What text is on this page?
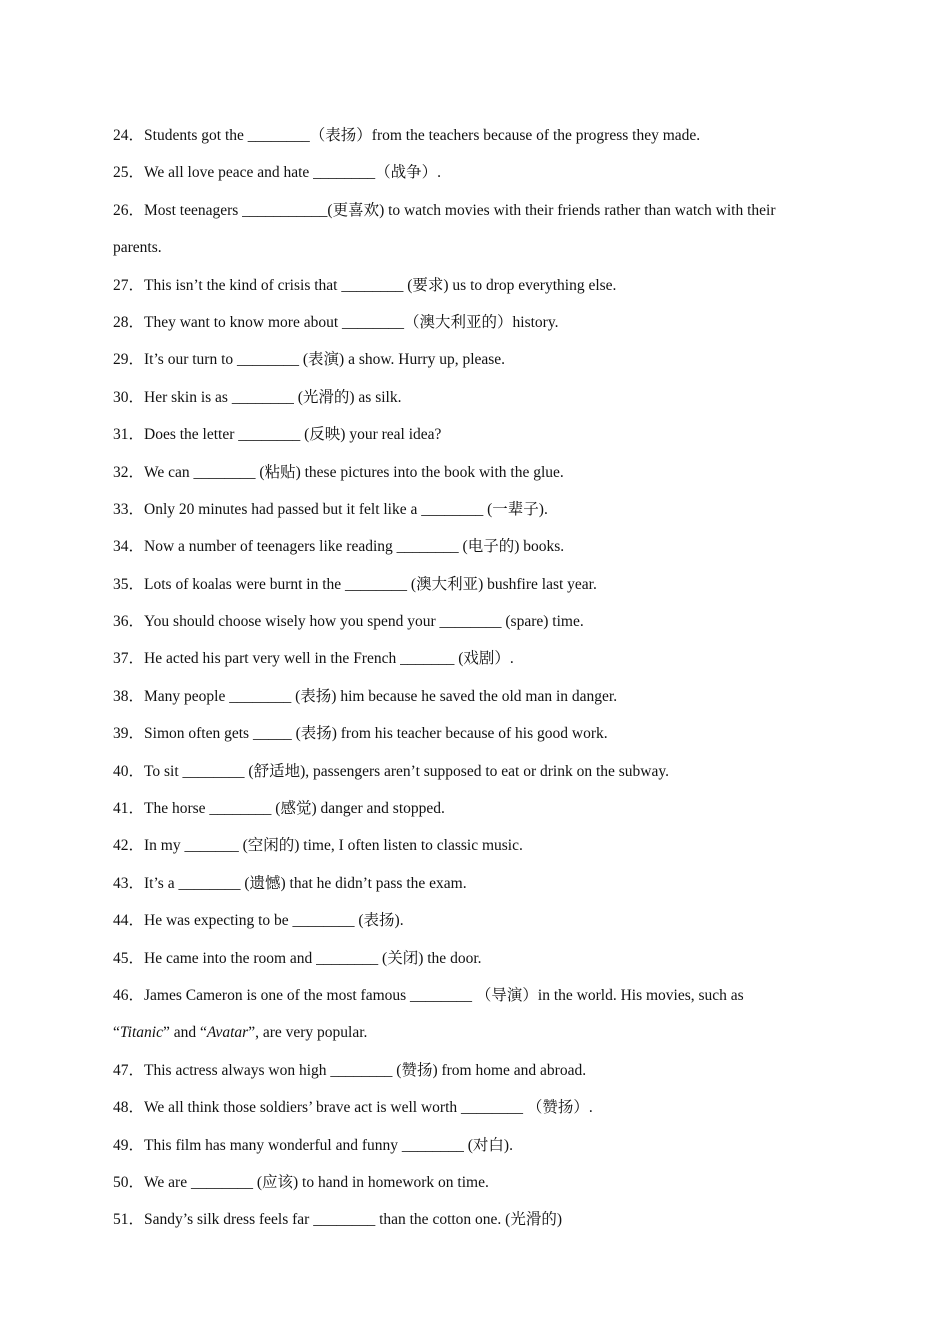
24．Students got the ________（表扬）from the teachers because of the progress they made.
25．We all love peace and hate ________（战争）.
26．Most teenagers ___________(更喜欢) to watch movies with their friends rather than watch with their
parents.
27．This isn’t the kind of crisis that ________ (要求) us to drop everything else.
28．They want to know more about ________（澳大利亚的）history.
29．It’s our turn to ________ (表演) a show. Hurry up, please.
30．Her skin is as ________ (光滑的) as silk.
31．Does the letter ________ (反映) your real idea?
32．We can ________ (粘贴) these pictures into the book with the glue.
33．Only 20 minutes had passed but it felt like a ________ (一辈子).
34．Now a number of teenagers like reading ________ (电子的) books.
35．Lots of koalas were burnt in the ________ (澳大利亚) bushfire last year.
36．You should choose wisely how you spend your ________ (spare) time.
37．He acted his part very well in the French _______ (戏剧）.
38．Many people ________ (表扬) him because he saved the old man in danger.
39．Simon often gets _____ (表扬) from his teacher because of his good work.
40．To sit ________ (舒适地), passengers aren’t supposed to eat or drink on the subway.
41．The horse ________ (感觉) danger and stopped.
42．In my _______ (空闲的) time, I often listen to classic music.
43．It’s a ________ (遗憾) that he didn’t pass the exam.
44．He was expecting to be ________ (表扬).
45．He came into the room and ________ (关闭) the door.
46．James Cameron is one of the most famous ________ （导演）in the world. His movies, such as
“Titanic” and “Avatar”, are very popular.
47．This actress always won high ________ (赞扬) from home and abroad.
48．We all think those soldiers’ brave act is well worth ________ （赞扬）.
49．This film has many wonderful and funny ________ (对白).
50．We are ________ (应该) to hand in homework on time.
51．Sandy’s silk dress feels far ________ than the cotton one. (光滑的)
